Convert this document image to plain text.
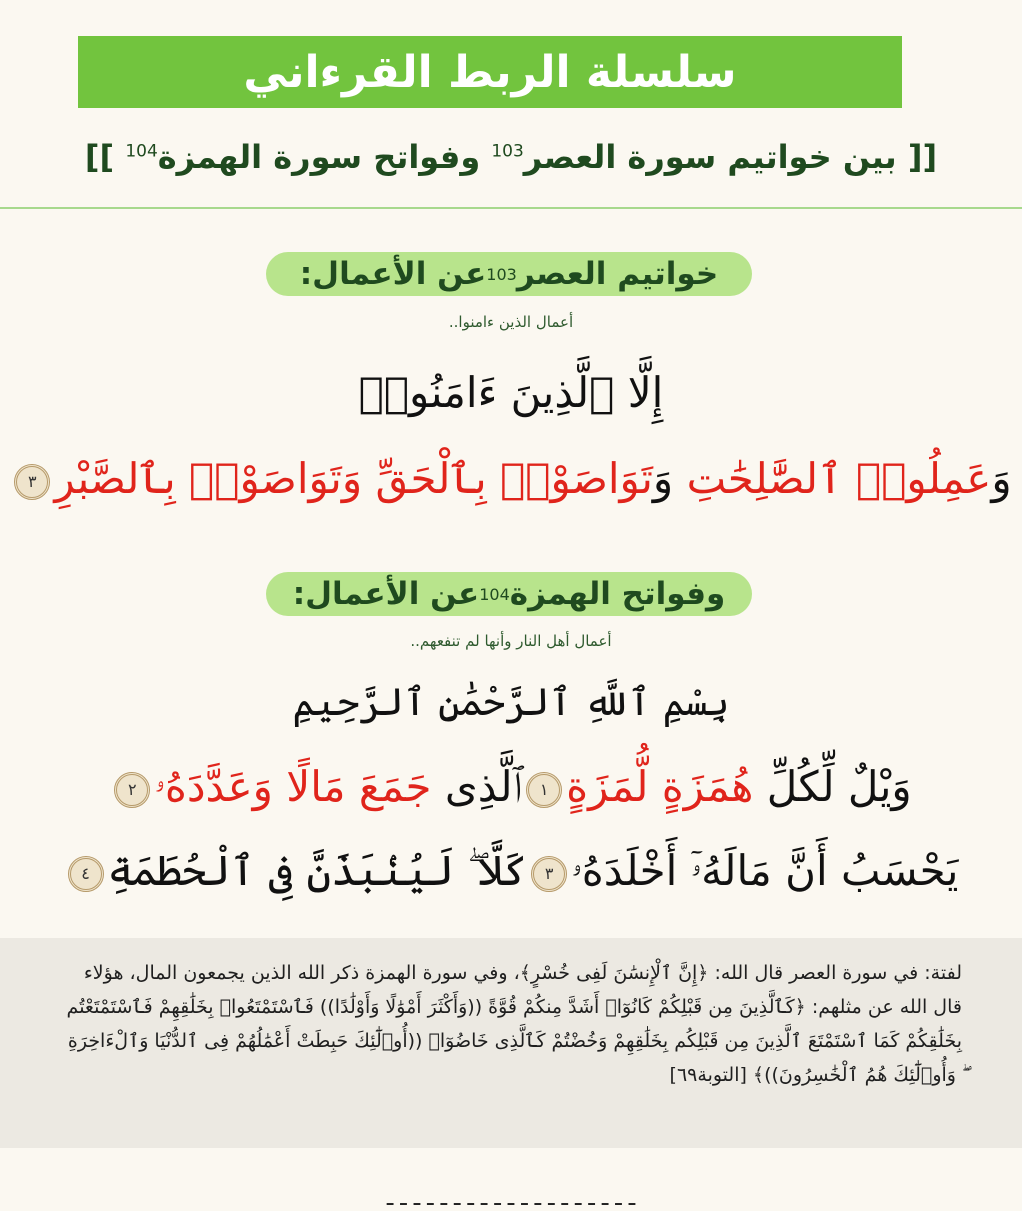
سلسلة الربط القرءاني
[[ بين خواتيم سورة العصر$^{103}$ وفواتح سورة الهمزة$^{104}$ ]]
خواتيم العصر
103
عن الأعمال:
أعمال الذين ءامنوا..
إِلَّا ٱلَّذِينَ ءَامَنُوا۟
وَعَمِلُوا۟ ٱلصَّٰلِحَٰتِ وَتَوَاصَوْا۟ بِٱلْحَقِّ وَتَوَاصَوْا۟ بِٱلصَّبْرِ٣
وفواتح الهمزة
104
عن الأعمال:
أعمال أهل النار وأنها لم تنفعهم..
بِسْمِ ٱللَّهِ ٱلرَّحْمَٰنِ ٱلرَّحِيمِ
وَيْلٌ لِّكُلِّ هُمَزَةٍ لُّمَزَةٍ١ٱلَّذِى جَمَعَ مَالًا وَعَدَّدَهُۥ٢
يَحْسَبُ أَنَّ مَالَهُۥٓ أَخْلَدَهُۥ٣كَلَّا ۖ لَيُنۢبَذَنَّ فِى ٱلْحُطَمَةِ٤
لفتة: في سورة العصر قال الله: ﴿إِنَّ ٱلْإِنسَٰنَ لَفِى خُسْرٍ﴾، وفي سورة الهمزة ذكر الله الذين يجمعون المال، هؤلاء قال الله عن مثلهم: ﴿كَٱلَّذِينَ مِن قَبْلِكُمْ كَانُوٓا۟ أَشَدَّ مِنكُمْ قُوَّةً ((وَأَكْثَرَ أَمْوَٰلًا وَأَوْلَٰدًا)) فَٱسْتَمْتَعُوا۟ بِخَلَٰقِهِمْ فَٱسْتَمْتَعْتُم بِخَلَٰقِكُمْ كَمَا ٱسْتَمْتَعَ ٱلَّذِينَ مِن قَبْلِكُم بِخَلَٰقِهِمْ وَخُضْتُمْ كَٱلَّذِى خَاضُوٓا۟ ((أُو۟لَٰٓئِكَ حَبِطَتْ أَعْمَٰلُهُمْ فِى ٱلدُّنْيَا وَٱلْءَاخِرَةِ ۖ وَأُو۟لَٰٓئِكَ هُمُ ٱلْخَٰسِرُونَ))﴾ [التوبة٦٩]
ـ ـ ـ ـ ـ ـ ـ ـ ـ ـ ـ ـ ـ ـ ـ ـ ـ ـ ـ
